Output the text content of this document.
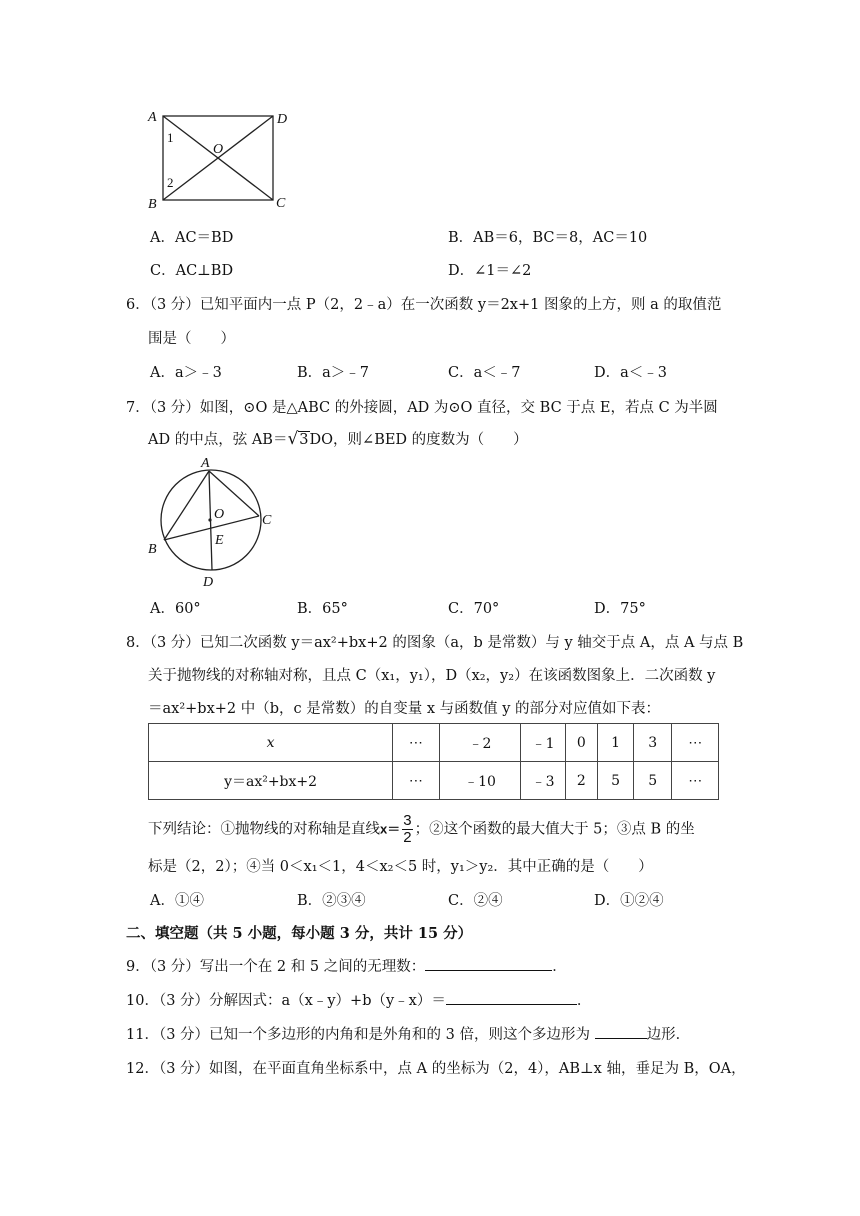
A	D
B	C
O
1
2
A．AC＝BD	B．AB＝6，BC＝8，AC＝10
C．AC⊥BD	D．∠1＝∠2
6．（3 分）已知平面内一点 P（2，2﹣a）在一次函数 y＝2x+1 图象的上方，则 a 的取值范
围是（　　）
A．a＞﹣3	B．a＞﹣7	C．a＜﹣7	D．a＜﹣3
7．（3 分）如图，⊙O 是△ABC 的外接圆，AD 为⊙O 直径，交 BC 于点 E，若点 C 为半圆
AD 的中点，弦 AB＝√3DO，则∠BED 的度数为（　　）
A
O	C
B
E
D
A．60°	B．65°	C．70°	D．75°
8．（3 分）已知二次函数 y＝ax²+bx+2 的图象（a，b 是常数）与 y 轴交于点 A，点 A 与点 B
关于抛物线的对称轴对称，且点 C（x₁，y₁），D（x₂，y₂）在该函数图象上．二次函数 y
＝ax²+bx+2 中（b，c 是常数）的自变量 x 与函数值 y 的部分对应值如下表：
x	⋯	﹣2	﹣1	0	1	3	⋯
y＝ax²+bx+2	⋯	﹣10	﹣3	2	5	5	⋯
下列结论：①抛物线的对称轴是直线$x= \frac{3}{2}$ ；②这个函数的最大值大于 5；③点 B 的坐
标是（2，2）；④当 0＜x₁＜1，4＜x₂＜5 时，y₁＞y₂．其中正确的是（　　）
A．①④	B．②③④	C．②④	D．①②④
二、填空题（共 5 小题，每小题 3 分，共计 15 分）
9．（3 分）写出一个在 2 和 5 之间的无理数：	．
10．（3 分）分解因式：a（x﹣y）+b（y﹣x）＝	．
11．（3 分）已知一个多边形的内角和是外角和的 3 倍，则这个多边形为	边形．
12．（3 分）如图，在平面直角坐标系中，点 A 的坐标为（2，4），AB⊥x 轴，垂足为 B，OA，
